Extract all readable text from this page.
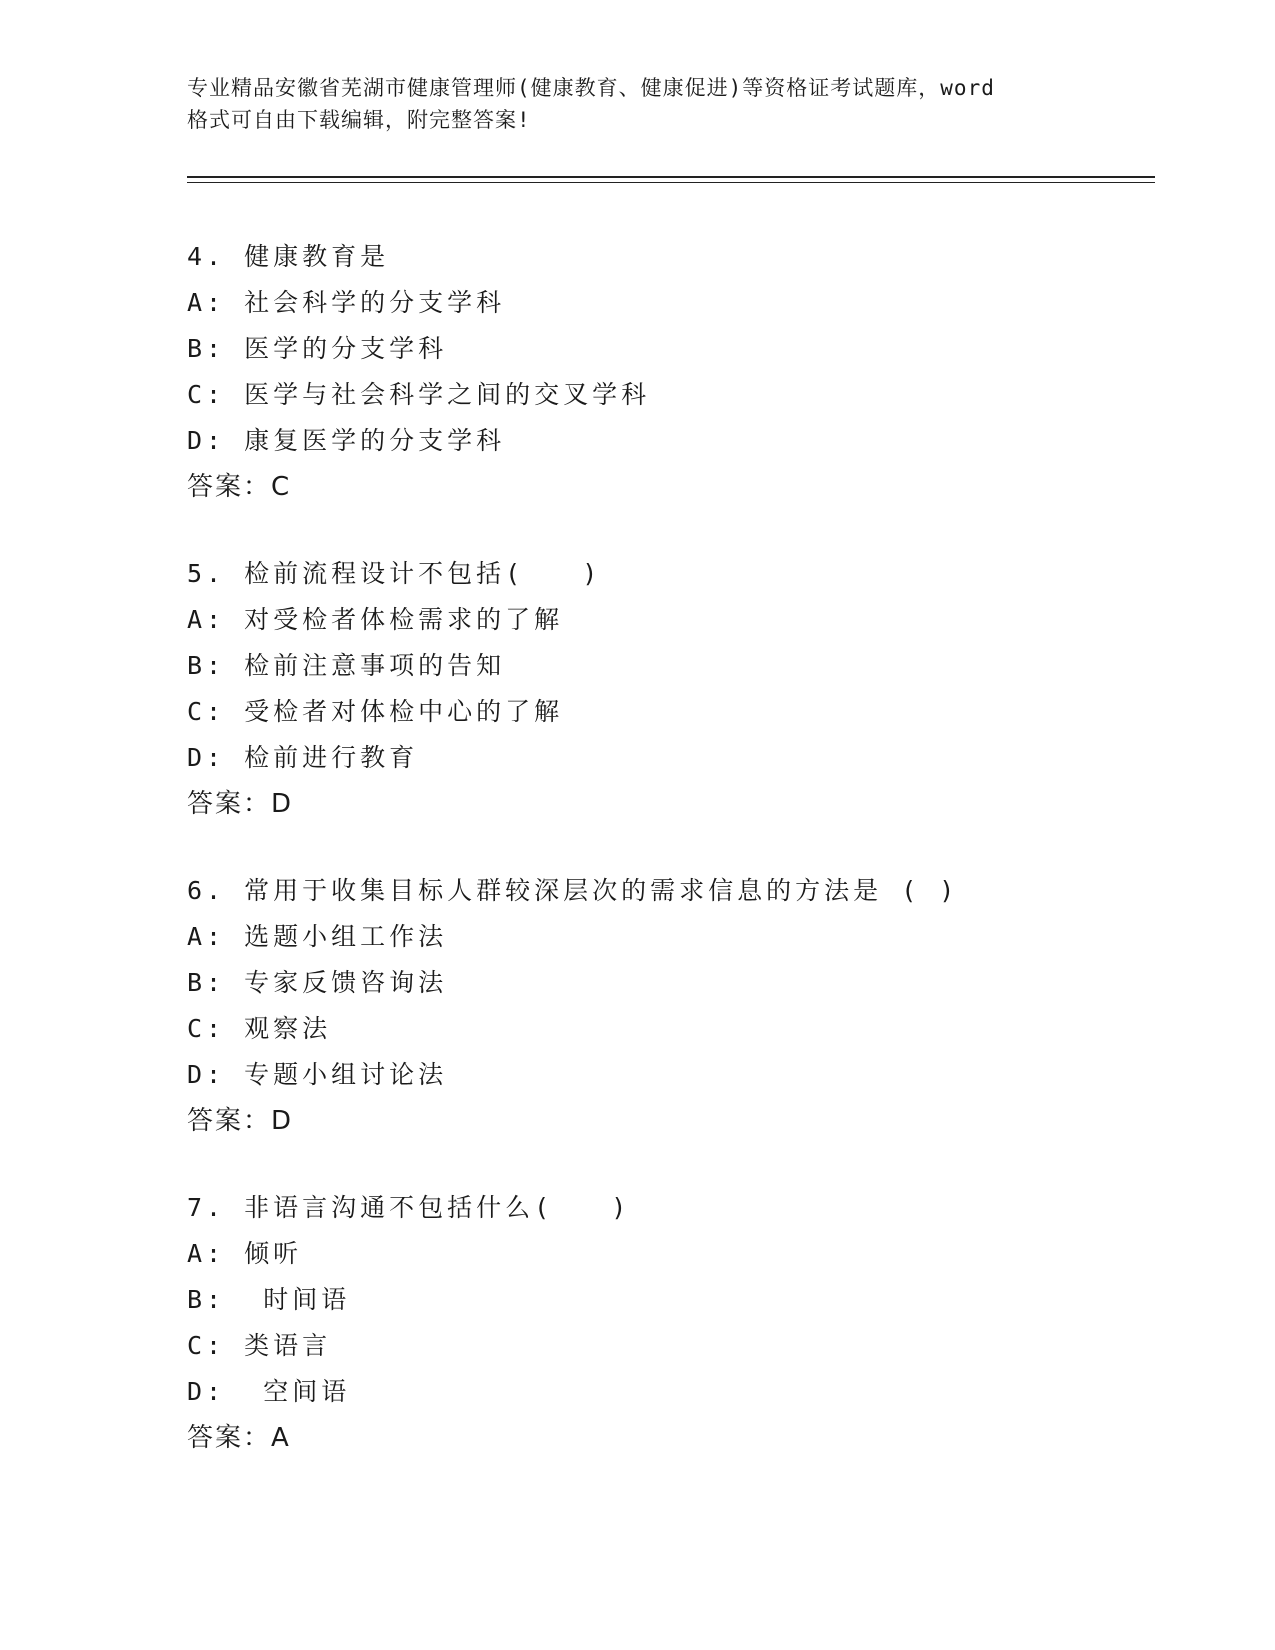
专业精品安徽省芜湖市健康管理师(健康教育、健康促进)等资格证考试题库，word
格式可自由下载编辑，附完整答案!
4. 健康教育是
A: 社会科学的分支学科
B: 医学的分支学科
C: 医学与社会科学之间的交叉学科
D: 康复医学的分支学科
答案：C
5. 检前流程设计不包括(　　)
A: 对受检者体检需求的了解
B: 检前注意事项的告知
C: 受检者对体检中心的了解
D: 检前进行教育
答案：D
6. 常用于收集目标人群较深层次的需求信息的方法是 ( )
A: 选题小组工作法
B: 专家反馈咨询法
C: 观察法
D: 专题小组讨论法
答案：D
7. 非语言沟通不包括什么(　　)
A: 倾听
B:  时间语
C: 类语言
D:  空间语
答案：A
